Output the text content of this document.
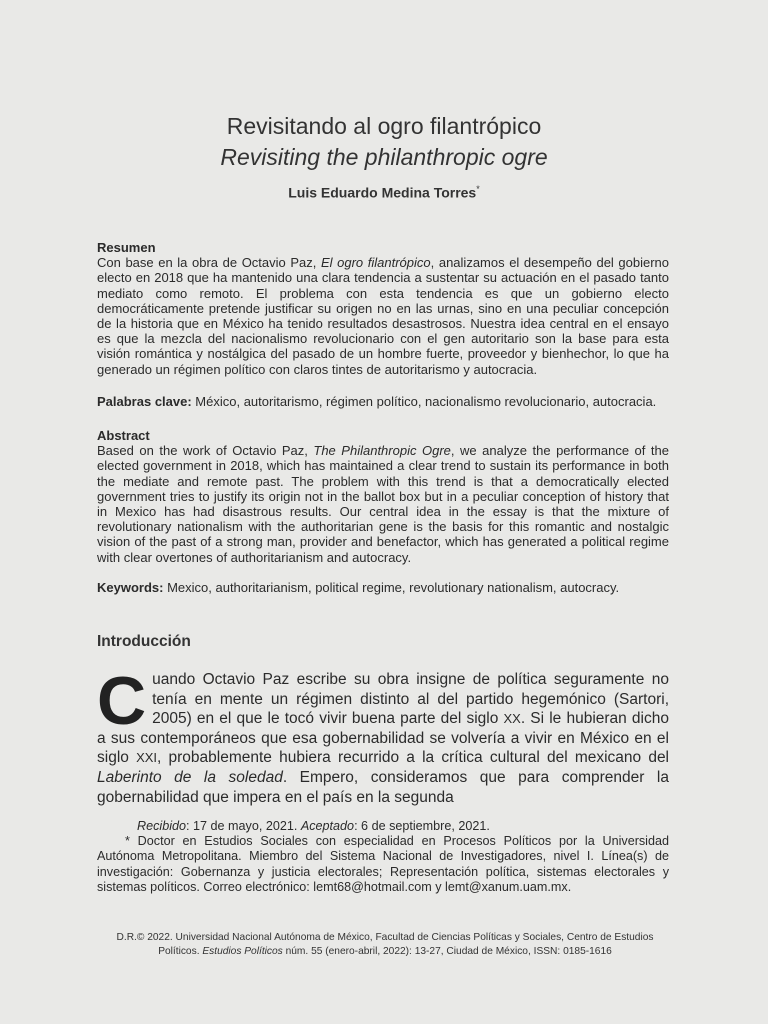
Revisitando al ogro filantrópico
Revisiting the philanthropic ogre
Luis Eduardo Medina Torres*
Resumen

Con base en la obra de Octavio Paz, El ogro filantrópico, analizamos el desempeño del gobierno electo en 2018 que ha mantenido una clara tendencia a sustentar su actuación en el pasado tanto mediato como remoto. El problema con esta tendencia es que un gobierno electo democráticamente pretende justificar su origen no en las urnas, sino en una peculiar concepción de la historia que en México ha tenido resultados desastrosos. Nuestra idea central en el ensayo es que la mezcla del nacionalismo revolucionario con el gen autoritario son la base para esta visión romántica y nostálgica del pasado de un hombre fuerte, proveedor y bienhechor, lo que ha generado un régimen político con claros tintes de autoritarismo y autocracia.

Palabras clave: México, autoritarismo, régimen político, nacionalismo revolucionario, autocracia.

Abstract

Based on the work of Octavio Paz, The Philanthropic Ogre, we analyze the performance of the elected government in 2018, which has maintained a clear trend to sustain its performance in both the mediate and remote past. The problem with this trend is that a democratically elected government tries to justify its origin not in the ballot box but in a peculiar conception of history that in Mexico has had disastrous results. Our central idea in the essay is that the mixture of revolutionary nationalism with the authoritarian gene is the basis for this romantic and nostalgic vision of the past of a strong man, provider and benefactor, which has generated a political regime with clear overtones of authoritarianism and autocracy.

Keywords: Mexico, authoritarianism, political regime, revolutionary nationalism, autocracy.

Introducción
Cuando Octavio Paz escribe su obra insigne de política seguramente no tenía en mente un régimen distinto al del partido hegemónico (Sartori, 2005) en el que le tocó vivir buena parte del siglo XX. Si le hubieran dicho a sus contemporáneos que esa gobernabilidad se volvería a vivir en México en el siglo XXI, probablemente hubiera recurrido a la crítica cultural del mexicano del Laberinto de la soledad. Empero, consideramos que para comprender la gobernabilidad que impera en el país en la segunda

Recibido: 17 de mayo, 2021. Aceptado: 6 de septiembre, 2021.

* Doctor en Estudios Sociales con especialidad en Procesos Políticos por la Universidad Autónoma Metropolitana. Miembro del Sistema Nacional de Investigadores, nivel I. Línea(s) de investigación: Gobernanza y justicia electorales; Representación política, sistemas electorales y sistemas políticos. Correo electrónico: lemt68@hotmail.com y lemt@xanum.uam.mx.

D.R.© 2022. Universidad Nacional Autónoma de México, Facultad de Ciencias Políticas y Sociales, Centro de Estudios Políticos. Estudios Políticos núm. 55 (enero-abril, 2022): 13-27, Ciudad de México, ISSN: 0185-1616
